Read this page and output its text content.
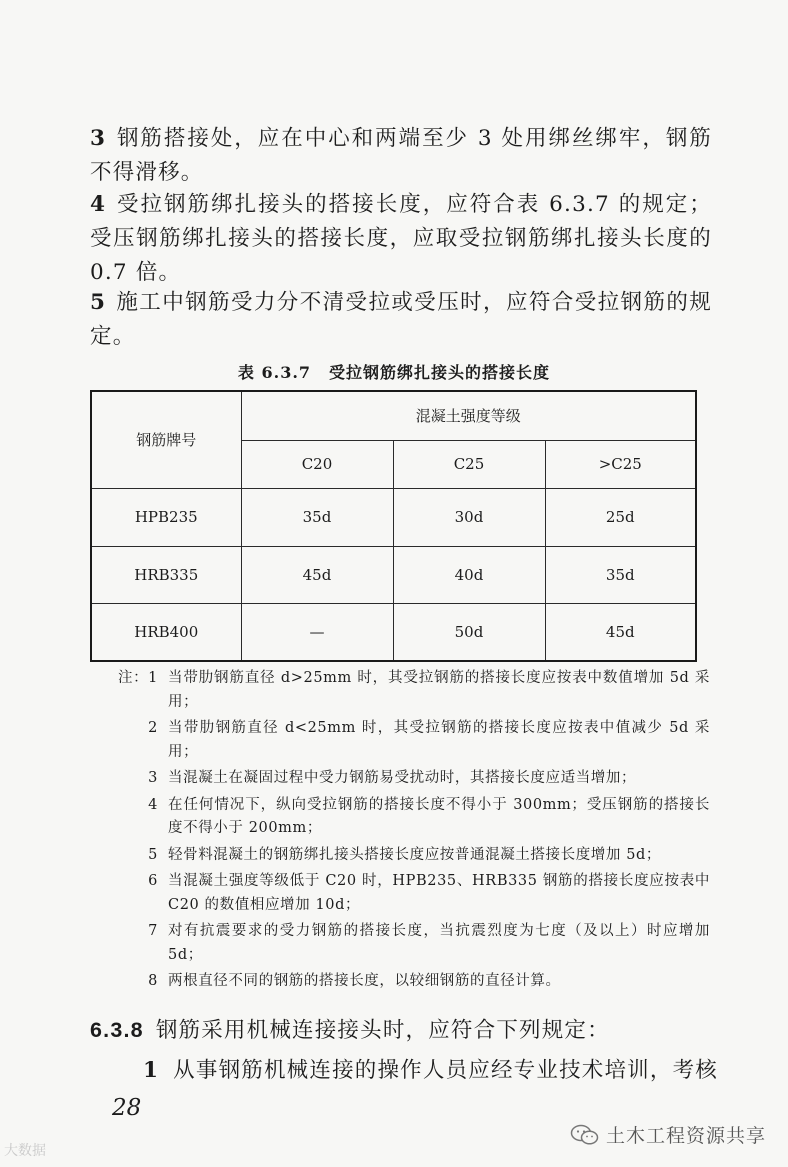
3 钢筋搭接处，应在中心和两端至少 3 处用绑丝绑牢，钢筋不得滑移。
4 受拉钢筋绑扎接头的搭接长度，应符合表 6.3.7 的规定；受压钢筋绑扎接头的搭接长度，应取受拉钢筋绑扎接头长度的 0.7 倍。
5 施工中钢筋受力分不清受拉或受压时，应符合受拉钢筋的规定。
表 6.3.7 受拉钢筋绑扎接头的搭接长度
钢筋牌号	混凝土强度等级		
	C20	C25	>C25
HPB235	35d	30d	25d
HRB335	45d	40d	35d
HRB400	—	50d	45d
注：1 当带肋钢筋直径 d>25mm 时，其受拉钢筋的搭接长度应按表中数值增加 5d 采用；
2 当带肋钢筋直径 d<25mm 时，其受拉钢筋的搭接长度应按表中值减少 5d 采用；
3 当混凝土在凝固过程中受力钢筋易受扰动时，其搭接长度应适当增加；
4 在任何情况下，纵向受拉钢筋的搭接长度不得小于 300mm；受压钢筋的搭接长度不得小于 200mm；
5 轻骨料混凝土的钢筋绑扎接头搭接长度应按普通混凝土搭接长度增加 5d；
6 当混凝土强度等级低于 C20 时，HPB235、HRB335 钢筋的搭接长度应按表中 C20 的数值相应增加 10d；
7 对有抗震要求的受力钢筋的搭接长度，当抗震烈度为七度（及以上）时应增加 5d；
8 两根直径不同的钢筋的搭接长度，以较细钢筋的直径计算。
6.3.8 钢筋采用机械连接接头时，应符合下列规定：
1 从事钢筋机械连接的操作人员应经专业技术培训，考核
28
大数据
土木工程资源共享
